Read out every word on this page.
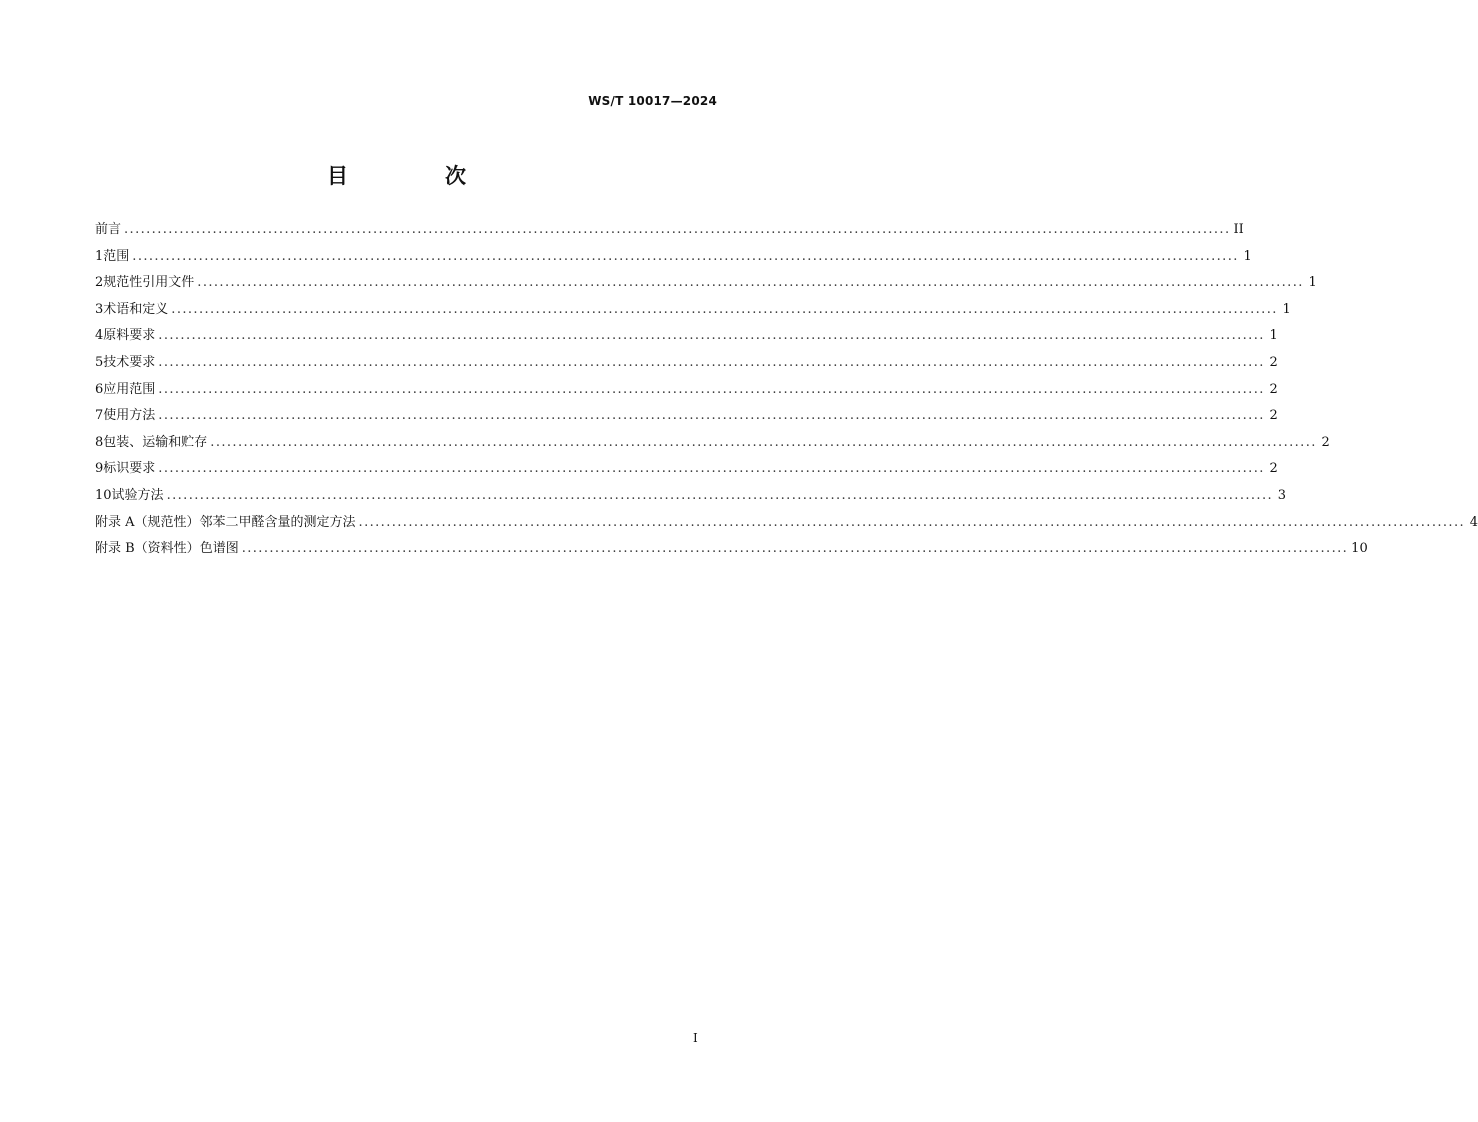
WS/T 10017—2024
目　次
前言 ........................................................................................................................................................................................................ II
1 范围 ........................................................................................................................................................................................................ 1
2 规范性引用文件 ........................................................................................................................................................................................................ 1
3 术语和定义 ........................................................................................................................................................................................................ 1
4 原料要求 ........................................................................................................................................................................................................ 1
5 技术要求 ........................................................................................................................................................................................................ 2
6 应用范围 ........................................................................................................................................................................................................ 2
7 使用方法 ........................................................................................................................................................................................................ 2
8 包装、运输和贮存 ........................................................................................................................................................................................................ 2
9 标识要求 ........................................................................................................................................................................................................ 2
10 试验方法 ........................................................................................................................................................................................................ 3
附录 A（规范性） 邻苯二甲醛含量的测定方法 ........................................................................................................................................................................................................ 4
附录 B（资料性） 色谱图 ........................................................................................................................................................................................................ 10
I
